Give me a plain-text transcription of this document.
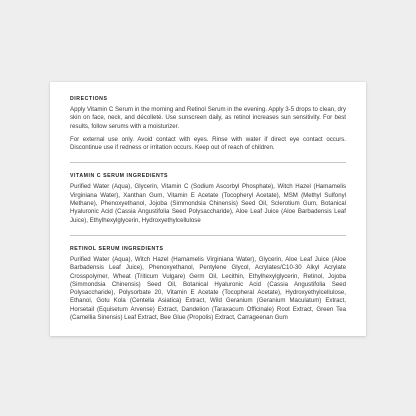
DIRECTIONS

Apply Vitamin C Serum in the morning and Retinol Serum in the evening. Apply 3-5 drops to clean, dry skin on face, neck, and décolleté. Use sunscreen daily, as retinol increases sun sensitivity. For best results, follow serums with a moisturizer.

For external use only. Avoid contact with eyes. Rinse with water if direct eye contact occurs. Discontinue use if redness or irritation occurs. Keep out of reach of children.

VITAMIN C SERUM INGREDIENTS

Purified Water (Aqua), Glycerin, Vitamin C (Sodium Ascorbyl Phosphate), Witch Hazel (Hamamelis Virginiana Water), Xanthan Gum, Vitamin E Acetate (Tocopheryl Acetate), MSM (Methyl Sulfonyl Methane), Phenoxyethanol, Jojoba (Simmondsia Chinensis) Seed Oil, Sclerotium Gum, Botanical Hyaluronic Acid (Cassia Angustifolia Seed Polysaccharide), Aloe Leaf Juice (Aloe Barbadensis Leaf Juice), Ethylhexylglycerin, Hydroxyethylcellulose

RETINOL SERUM INGREDIENTS

Purified Water (Aqua), Witch Hazel (Hamamelis Virginiana Water), Glycerin, Aloe Leaf Juice (Aloe Barbadensis Leaf Juice), Phenoxyethanol, Pentylene Glycol, Acrylates/C10-30 Alkyl Acrylate Crosspolymer, Wheat (Triticum Vulgare) Germ Oil, Lecithin, Ethylhexylglycerin, Retinol, Jojoba (Simmondsia Chinensis) Seed Oil, Botanical Hyaluronic Acid (Cassia Angustifolia Seed Polysaccharide), Polysorbate 20, Vitamin E Acetate (Tocopheral Acetate), Hydroxyethylcellulose, Ethanol, Gotu Kola (Centella Asiatica) Extract, Wild Geranium (Geranium Maculatum) Extract, Horsetail (Equisetum Arvense) Extract, Dandelion (Taraxacum Officinale) Root Extract, Green Tea (Camellia Sinensis) Leaf Extract, Bee Glue (Propolis) Extract, Carrageenan Gum
